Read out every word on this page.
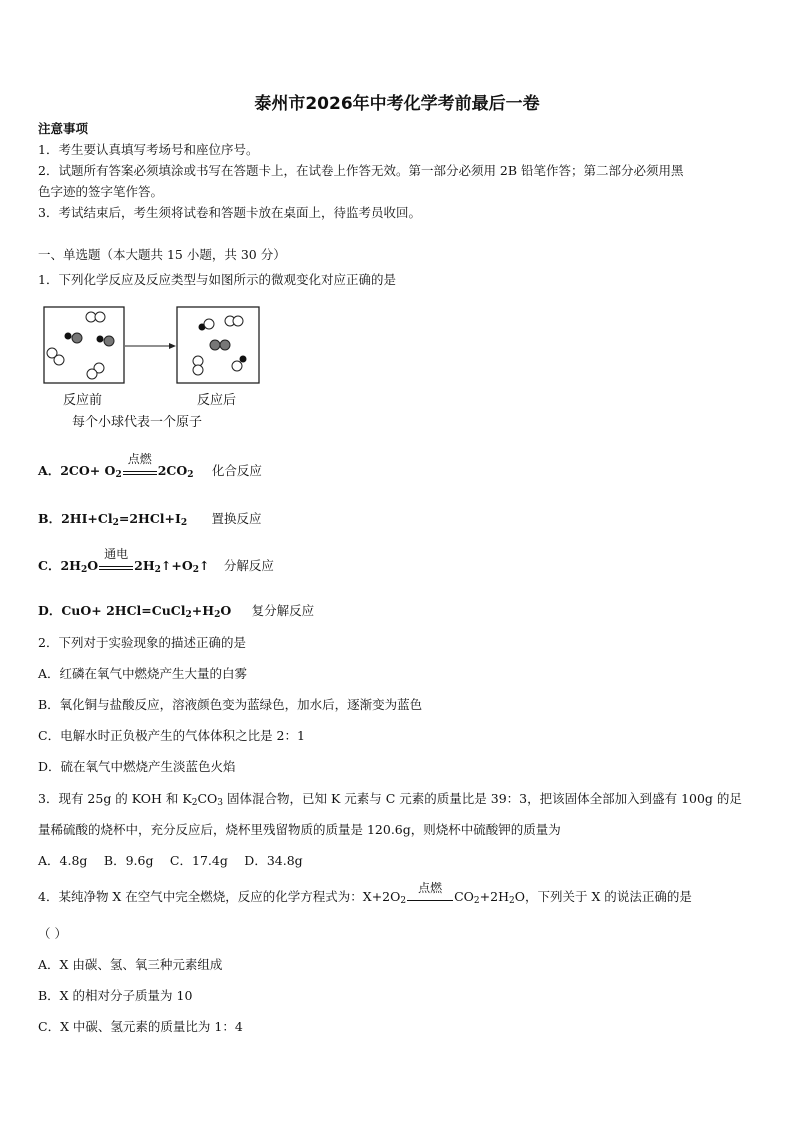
泰州市2026年中考化学考前最后一卷
注意事项
1．考生要认真填写考场号和座位序号。
2．试题所有答案必须填涂或书写在答题卡上，在试卷上作答无效。第一部分必须用 2B 铅笔作答；第二部分必须用黑
色字迹的签字笔作答。
3．考试结束后，考生须将试卷和答题卡放在桌面上，待监考员收回。
一、单选题（本大题共 15 小题，共 30 分）
1．下列化学反应及反应类型与如图所示的微观变化对应正确的是
反应前	反应后
每个小球代表一个原子
A．$2CO+ O_2$
点燃
$2CO_2$ 化合反应
B．$2HI+Cl_2=2HCl+I_2$ 置换反应
C．$2H_2O$
通电
$2H_2↑+O_2↑$ 分解反应
D．$CuO+ 2HCl=CuCl_2+H_2O$ 复分解反应
2．下列对于实验现象的描述正确的是
A．红磷在氧气中燃烧产生大量的白雾
B．氧化铜与盐酸反应，溶液颜色变为蓝绿色，加水后，逐渐变为蓝色
C．电解水时正负极产生的气体体积之比是 2：1
D．硫在氧气中燃烧产生淡蓝色火焰
3．现有 25g 的 KOH 和 $K_2CO_3$ 固体混合物，已知 K 元素与 C 元素的质量比是 39：3，把该固体全部加入到盛有 100g 的足
量稀硫酸的烧杯中，充分反应后，烧杯里残留物质的质量是 120.6g，则烧杯中硫酸钾的质量为
A．4.8g　 B．9.6g　 C．17.4g　 D．34.8g
4．某纯净物 X 在空气中完全燃烧，反应的化学方程式为：$X+2O_2$
点燃
$CO_2+2H_2O$，下列关于 X 的说法正确的是
（ ）
A．X 由碳、氢、氧三种元素组成
B．X 的相对分子质量为 10
C．X 中碳、氢元素的质量比为 1：4
